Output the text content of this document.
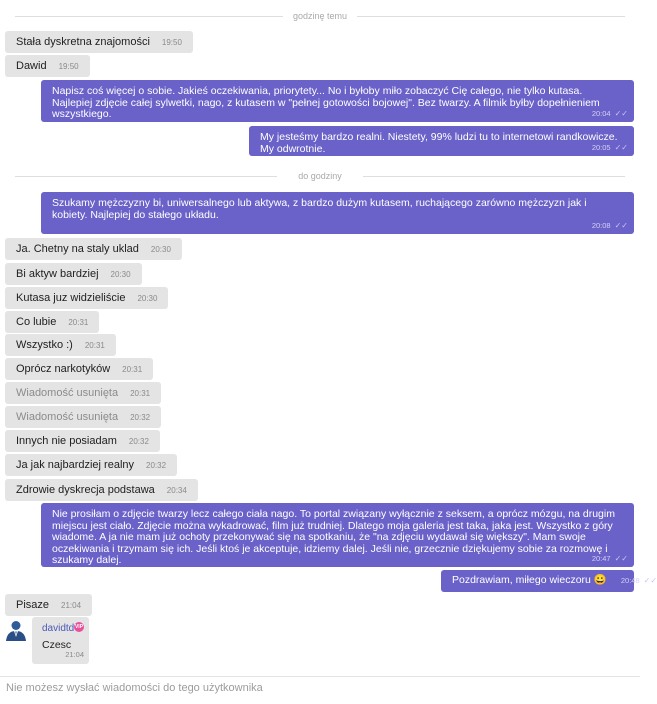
godzinę temu
Stała dyskretna znajomości 19:50
Dawid 19:50
Napisz coś więcej o sobie. Jakieś oczekiwania, priorytety... No i byłoby miło zobaczyć Cię całego, nie tylko kutasa. Najlepiej zdjęcie całej sylwetki, nago, z kutasem w "pełnej gotowości bojowej". Bez twarzy. A filmik byłby dopełnieniem wszystkiego.	20:04 ✓✓
My jesteśmy bardzo realni. Niestety, 99% ludzi tu to internetowi randkowicze. My odwrotnie.	20:05 ✓✓
do godziny
Szukamy mężczyzny bi, uniwersalnego lub aktywa, z bardzo dużym kutasem, ruchającego zarówno mężczyzn jak i kobiety. Najlepiej do stałego układu.
20:08 ✓✓
Ja. Chetny na staly uklad 20:30
Bi aktyw bardziej 20:30
Kutasa juz widzieliście 20:30
Co lubie 20:31
Wszystko :) 20:31
Oprócz narkotyków 20:31
Wiadomość usunięta 20:31
Wiadomość usunięta 20:32
Innych nie posiadam 20:32
Ja jak najbardziej realny 20:32
Zdrowie dyskrecja podstawa 20:34
Nie prosiłam o zdjęcie twarzy lecz całego ciała nago. To portal związany wyłącznie z seksem, a oprócz mózgu, na drugim miejscu jest ciało. Zdjęcie można wykadrować, film już trudniej. Dlatego moja galeria jest taka, jaka jest. Wszystko z góry wiadome. A ja nie mam już ochoty przekonywać się na spotkaniu, że "na zdjęciu wydawał się większy". Mam swoje oczekiwania i trzymam się ich. Jeśli ktoś je akceptuje, idziemy dalej. Jeśli nie, grzecznie dziękujemy sobie za rozmowę i szukamy dalej.	20:47 ✓✓
Pozdrawiam, miłego wieczoru 😀 20:48 ✓✓
Pisaze 21:04
davidtd VIP
Czesc
21:04
Nie możesz wysłać wiadomości do tego użytkownika
